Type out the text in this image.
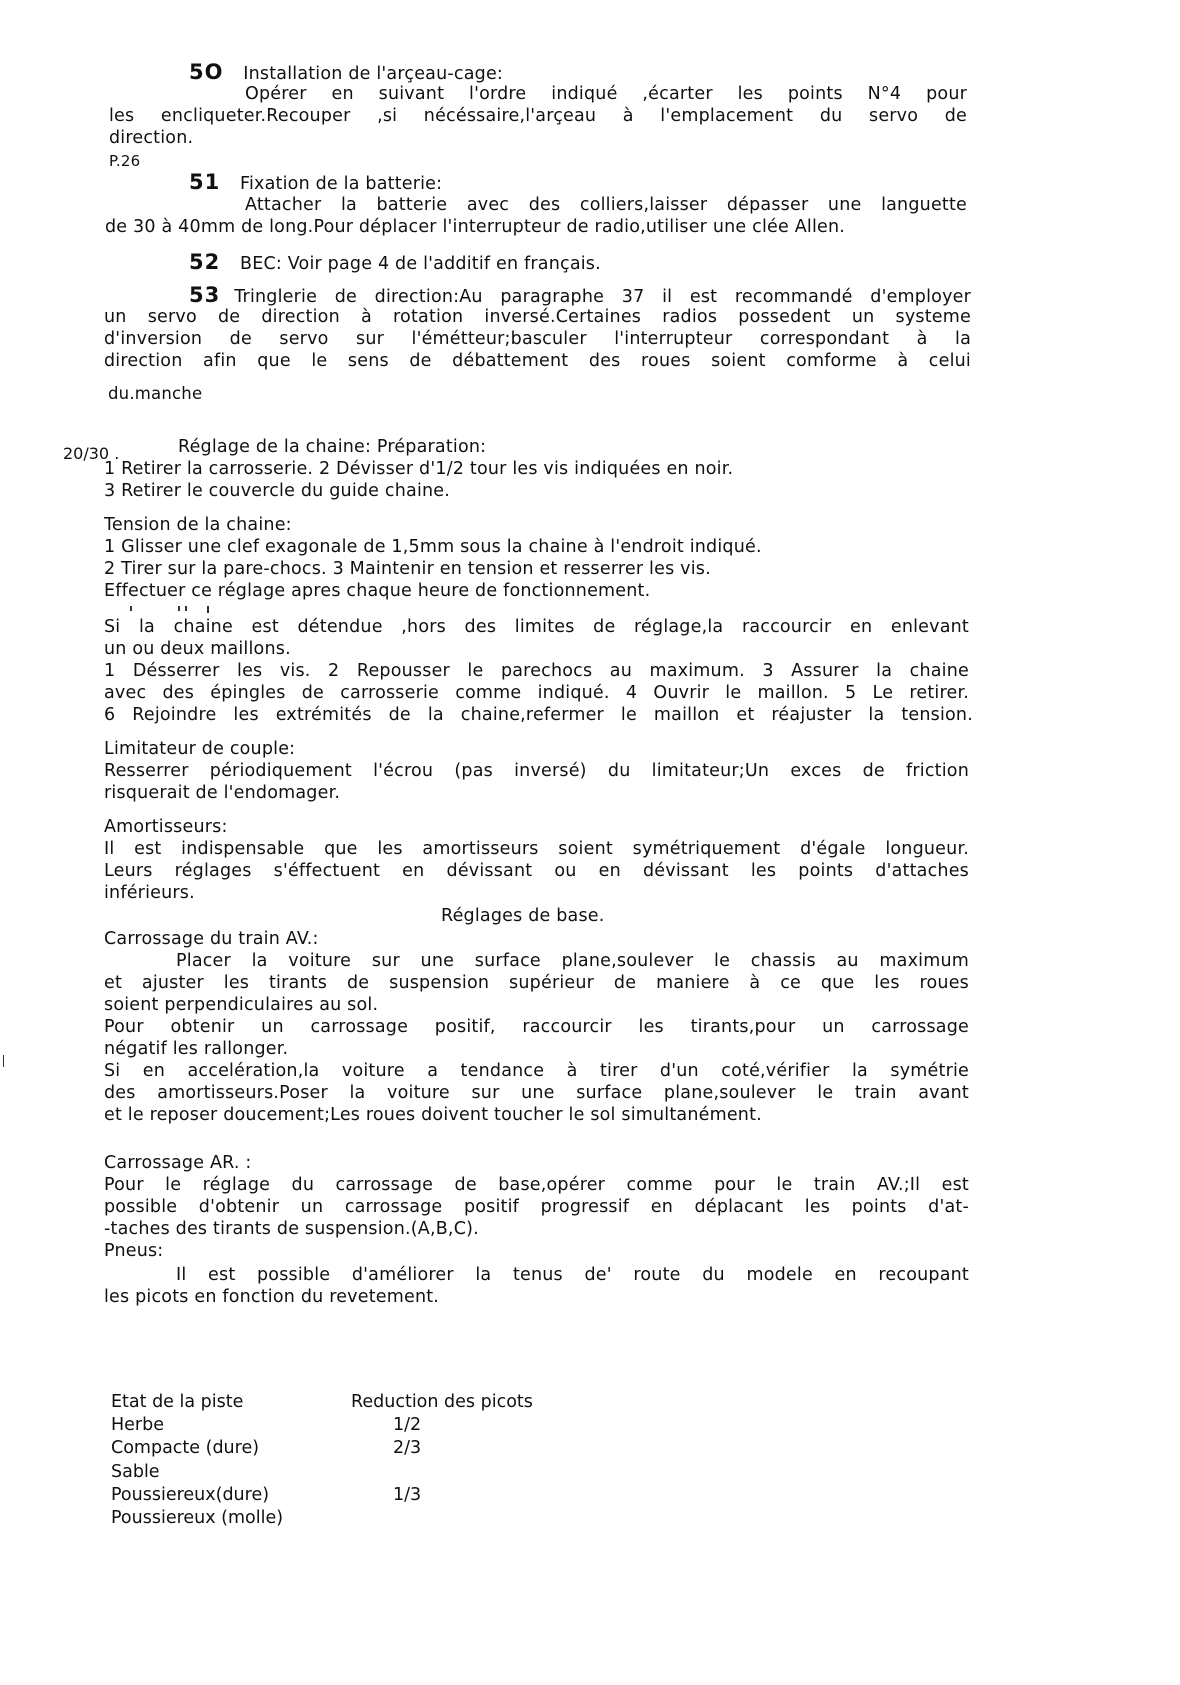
5O Installation de l'arçeau-cage:
Opérer en suivant l'ordre indiqué ,écarter les points N°4 pour
les encliqueter.Recouper ,si nécéssaire,l'arçeau à l'emplacement du servo de
direction.
P.26
51 Fixation de la batterie:
Attacher la batterie avec des colliers,laisser dépasser une languette
de 30 à 40mm de long.Pour déplacer l'interrupteur de radio,utiliser une clée Allen.
52 BEC: Voir page 4 de l'additif en français.
53 Tringlerie de direction:Au paragraphe 37 il est recommandé d'employer
un servo de direction à rotation inversé.Certaines radios possedent un systeme
d'inversion de servo sur l'émétteur;basculer l'interrupteur correspondant à la
direction afin que le sens de débattement des roues soient comforme à celui
du.manche
20/30 .	Réglage de la chaine: Préparation:
1 Retirer la carrosserie. 2 Dévisser d'1/2 tour les vis indiquées en noir.
3 Retirer le couvercle du guide chaine.
Tension de la chaine:
1 Glisser une clef exagonale de 1,5mm sous la chaine à l'endroit indiqué.
2 Tirer sur la pare-chocs. 3 Maintenir en tension et resserrer les vis.
Effectuer ce réglage apres chaque heure de fonctionnement.
Si la chaine est détendue ,hors des limites de réglage,la raccourcir en enlevant
un ou deux maillons.
1 Désserrer les vis. 2 Repousser le parechocs au maximum. 3 Assurer la chaine
avec des épingles de carrosserie comme indiqué. 4 Ouvrir le maillon. 5 Le retirer.
6 Rejoindre les extrémités de la chaine,refermer le maillon et réajuster la tension.
Limitateur de couple:
Resserrer périodiquement l'écrou (pas inversé) du limitateur;Un exces de friction
risquerait de l'endomager.
Amortisseurs:
Il est indispensable que les amortisseurs soient symétriquement d'égale longueur.
Leurs réglages s'éffectuent en dévissant ou en dévissant les points d'attaches
inférieurs.
Réglages de base.
Carrossage du train AV.:
Placer la voiture sur une surface plane,soulever le chassis au maximum
et ajuster les tirants de suspension supérieur de maniere à ce que les roues
soient perpendiculaires au sol.
Pour obtenir un carrossage positif, raccourcir les tirants,pour un carrossage
négatif les rallonger.
Si en accelération,la voiture a tendance à tirer d'un coté,vérifier la symétrie
des amortisseurs.Poser la voiture sur une surface plane,soulever le train avant
et le reposer doucement;Les roues doivent toucher le sol simultanément.
Carrossage AR. :
Pour le réglage du carrossage de base,opérer comme pour le train AV.;Il est
possible d'obtenir un carrossage positif progressif en déplacant les points d'at-
-taches des tirants de suspension.(A,B,C).
Pneus:
Il est possible d'améliorer la tenus de' route du modele en recoupant
les picots en fonction du revetement.
Etat de la piste	Reduction des picots
Herbe	1/2
Compacte (dure)	2/3
Sable
Poussiereux(dure)	1/3
Poussiereux (molle)
